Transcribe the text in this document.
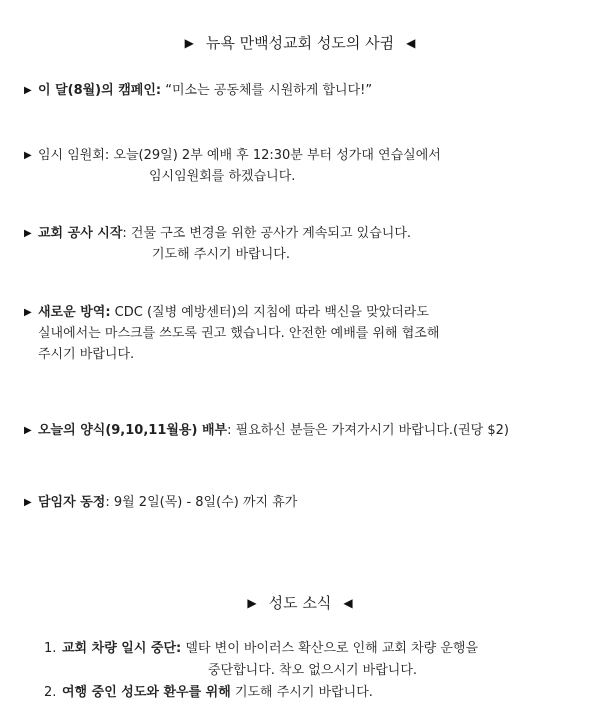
▶ 뉴욕 만백성교회 성도의 사귐 ◀
▶ 이 달(8월)의 캠페인: “미소는 공동체를 시원하게 합니다!”
▶ 임시 임원회: 오늘(29일) 2부 예배 후 12:30분 부터 성가대 연습실에서
임시임원회를 하겠습니다.
▶ 교회 공사 시작: 건물 구조 변경을 위한 공사가 계속되고 있습니다.
기도해 주시기 바랍니다.
▶ 새로운 방역: CDC (질병 예방센터)의 지침에 따라 백신을 맞았더라도
실내에서는 마스크를 쓰도록 권고 했습니다. 안전한 예배를 위해 협조해
주시기 바랍니다.
▶ 오늘의 양식(9,10,11월용) 배부: 필요하신 분들은 가져가시기 바랍니다.(권당 $2)
▶ 담임자 동정: 9월 2일(목) - 8일(수) 까지 휴가
▶ 성도 소식 ◀
1. 교회 차량 일시 중단: 델타 변이 바이러스 확산으로 인해 교회 차량 운행을
중단합니다. 착오 없으시기 바랍니다.
2. 여행 중인 성도와 환우를 위해 기도해 주시기 바랍니다.
